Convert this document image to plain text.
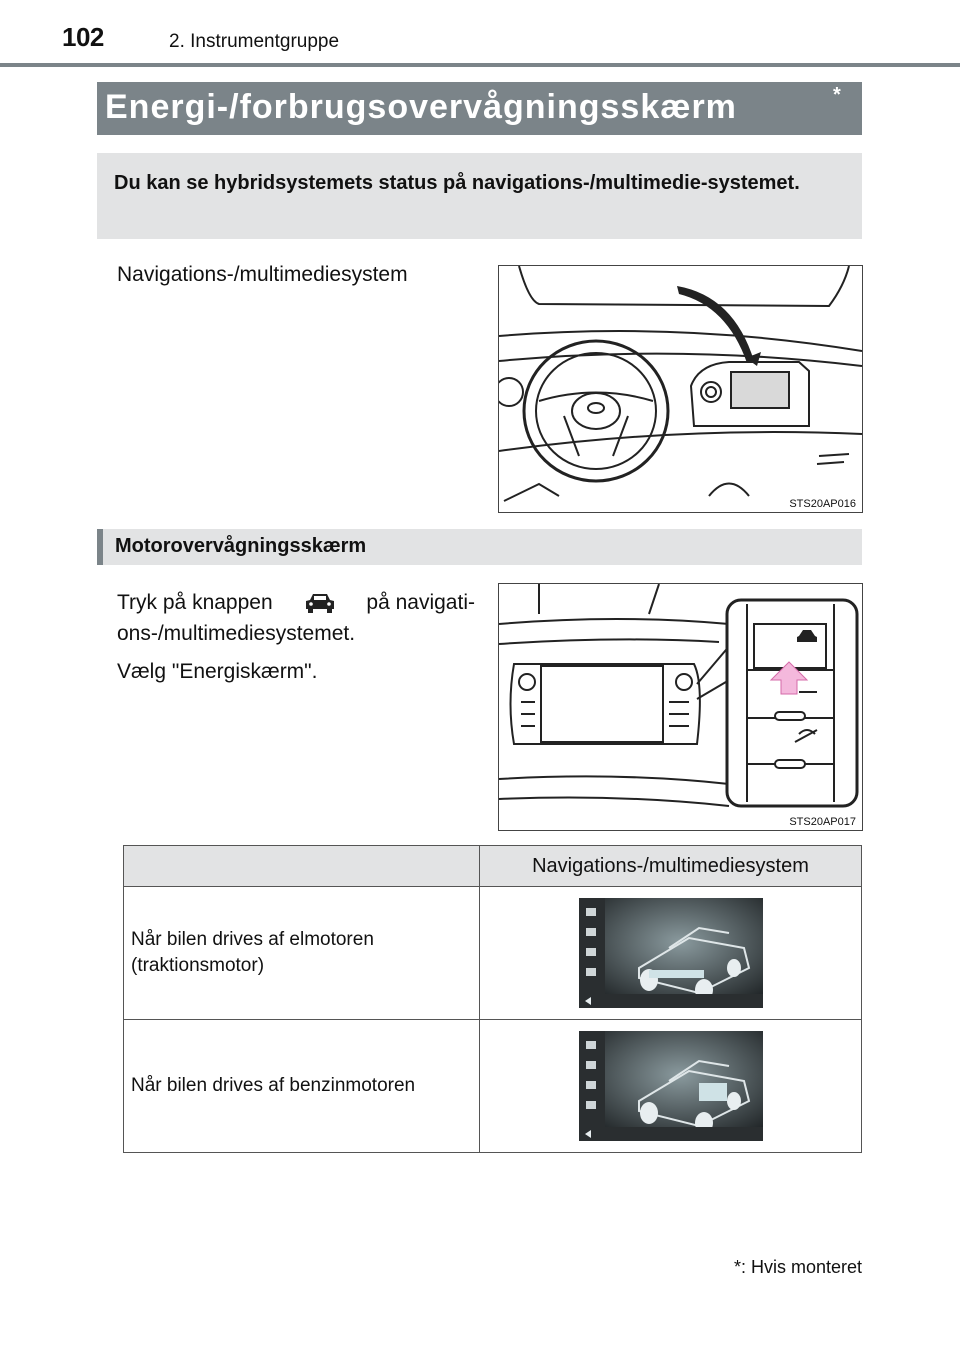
102	2. Instrumentgruppe
Energi-/forbrugsovervågningsskærm	*
Du kan se hybridsystemets status på navigations-/multimedie-systemet.
Navigations-/multimediesystem
STS20AP016
Motorovervågningsskærm
Tryk på knappen	på navigati-
ons-/multimediesystemet.
Vælg "Energiskærm".
STS20AP017
	Navigations-/multimediesystem

Når bilen drives af elmotoren
(traktionsmotor)

Når bilen drives af benzinmotoren

*: Hvis monteret
